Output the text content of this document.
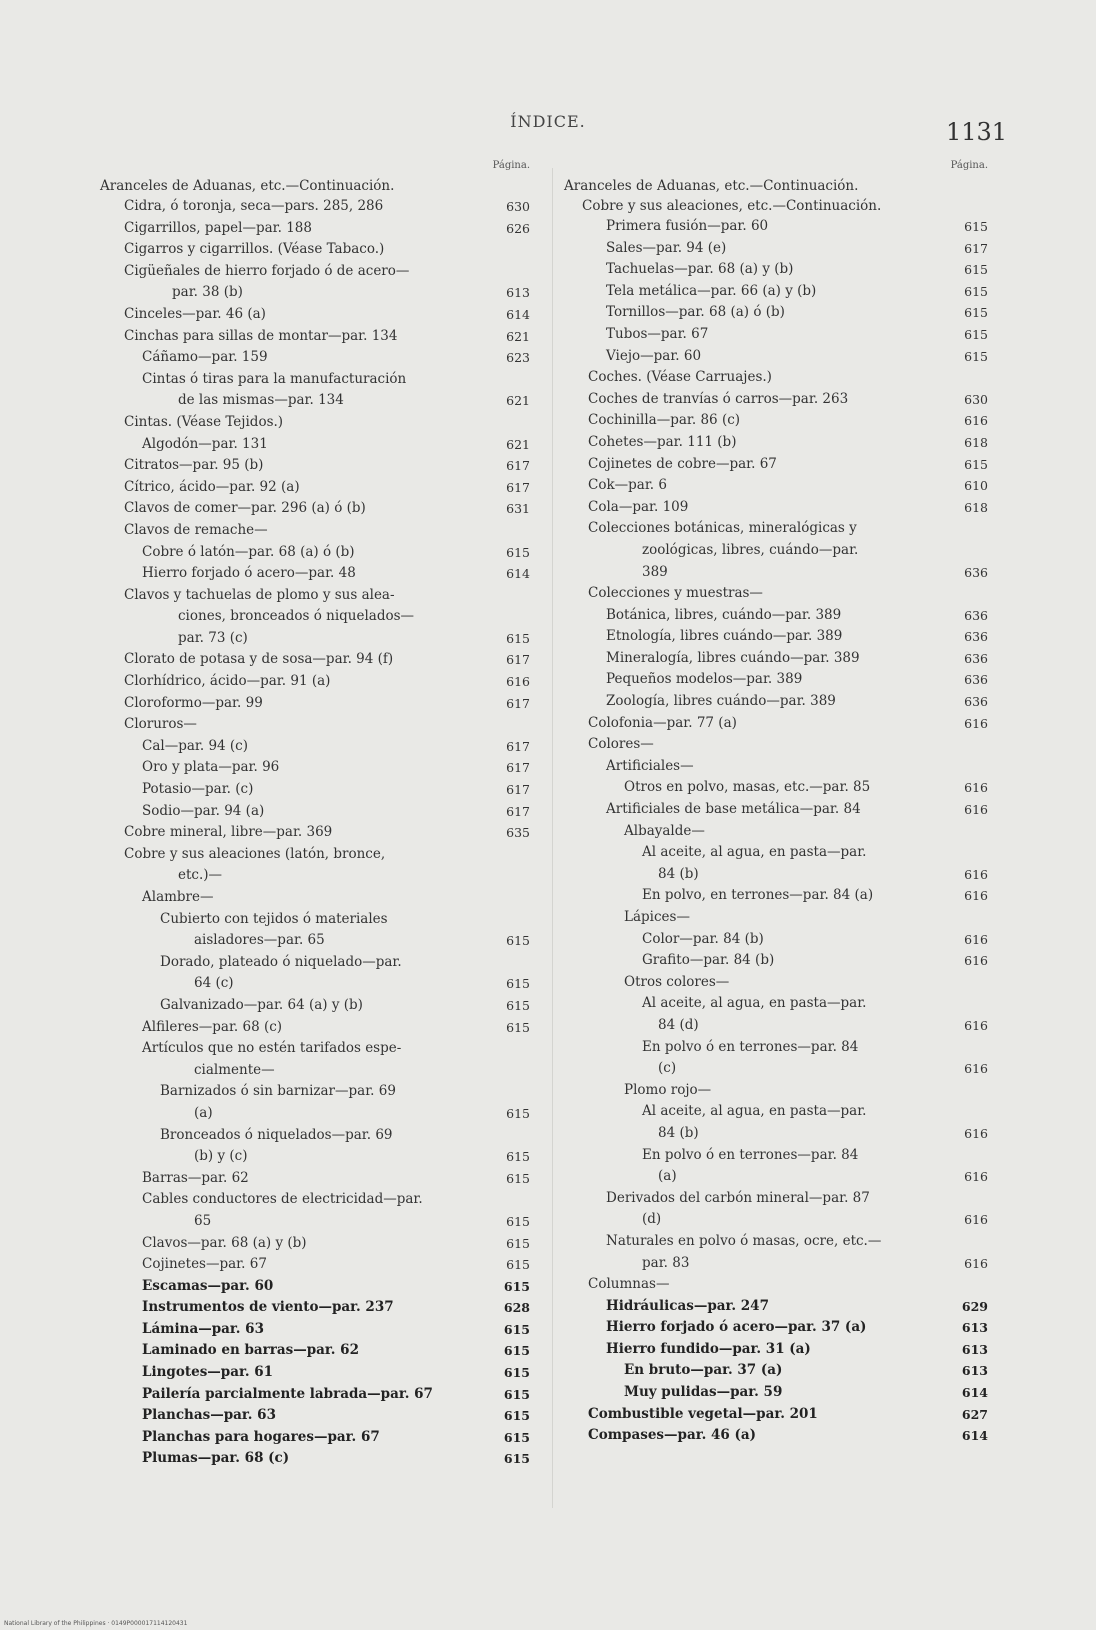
ÍNDICE.	1131
Página.
Aranceles de Aduanas, etc.—Continuación.
Cidra, ó toronja, seca—pars. 285, 286	630
Cigarrillos, papel—par. 188	626
Cigarros y cigarrillos. (Véase Tabaco.)
Cigüeñales de hierro forjado ó de acero—
par. 38 (b)	613
Cinceles—par. 46 (a)	614
Cinchas para sillas de montar—par. 134	621
Cáñamo—par. 159	623
Cintas ó tiras para la manufacturación
de las mismas—par. 134	621
Cintas. (Véase Tejidos.)
Algodón—par. 131	621
Citratos—par. 95 (b)	617
Cítrico, ácido—par. 92 (a)	617
Clavos de comer—par. 296 (a) ó (b)	631
Clavos de remache—
Cobre ó latón—par. 68 (a) ó (b)	615
Hierro forjado ó acero—par. 48	614
Clavos y tachuelas de plomo y sus alea-
ciones, bronceados ó niquelados—
par. 73 (c)	615
Clorato de potasa y de sosa—par. 94 (f)	617
Clorhídrico, ácido—par. 91 (a)	616
Cloroformo—par. 99	617
Cloruros—
Cal—par. 94 (c)	617
Oro y plata—par. 96	617
Potasio—par. (c)	617
Sodio—par. 94 (a)	617
Cobre mineral, libre—par. 369	635
Cobre y sus aleaciones (latón, bronce,
etc.)—
Alambre—
Cubierto con tejidos ó materiales
aisladores—par. 65	615
Dorado, plateado ó niquelado—par.
64 (c)	615
Galvanizado—par. 64 (a) y (b)	615
Alfileres—par. 68 (c)	615
Artículos que no estén tarifados espe-
cialmente—
Barnizados ó sin barnizar—par. 69
(a)	615
Bronceados ó niquelados—par. 69
(b) y (c)	615
Barras—par. 62	615
Cables conductores de electricidad—par.
65	615
Clavos—par. 68 (a) y (b)	615
Cojinetes—par. 67	615
Escamas—par. 60	615
Instrumentos de viento—par. 237	628
Lámina—par. 63	615
Laminado en barras—par. 62	615
Lingotes—par. 61	615
Pailería parcialmente labrada—par. 67	615
Planchas—par. 63	615
Planchas para hogares—par. 67	615
Plumas—par. 68 (c)	615
Página.
Aranceles de Aduanas, etc.—Continuación.
Cobre y sus aleaciones, etc.—Continuación.
Primera fusión—par. 60	615
Sales—par. 94 (e)	617
Tachuelas—par. 68 (a) y (b)	615
Tela metálica—par. 66 (a) y (b)	615
Tornillos—par. 68 (a) ó (b)	615
Tubos—par. 67	615
Viejo—par. 60	615
Coches. (Véase Carruajes.)
Coches de tranvías ó carros—par. 263	630
Cochinilla—par. 86 (c)	616
Cohetes—par. 111 (b)	618
Cojinetes de cobre—par. 67	615
Cok—par. 6	610
Cola—par. 109	618
Colecciones botánicas, mineralógicas y
zoológicas, libres, cuándo—par.
389	636
Colecciones y muestras—
Botánica, libres, cuándo—par. 389	636
Etnología, libres cuándo—par. 389	636
Mineralogía, libres cuándo—par. 389	636
Pequeños modelos—par. 389	636
Zoología, libres cuándo—par. 389	636
Colofonia—par. 77 (a)	616
Colores—
Artificiales—
Otros en polvo, masas, etc.—par. 85	616
Artificiales de base metálica—par. 84	616
Albayalde—
Al aceite, al agua, en pasta—par.
84 (b)	616
En polvo, en terrones—par. 84 (a)	616
Lápices—
Color—par. 84 (b)	616
Grafito—par. 84 (b)	616
Otros colores—
Al aceite, al agua, en pasta—par.
84 (d)	616
En polvo ó en terrones—par. 84
(c)	616
Plomo rojo—
Al aceite, al agua, en pasta—par.
84 (b)	616
En polvo ó en terrones—par. 84
(a)	616
Derivados del carbón mineral—par. 87
(d)	616
Naturales en polvo ó masas, ocre, etc.—
par. 83	616
Columnas—
Hidráulicas—par. 247	629
Hierro forjado ó acero—par. 37 (a)	613
Hierro fundido—par. 31 (a)	613
En bruto—par. 37 (a)	613
Muy pulidas—par. 59	614
Combustible vegetal—par. 201	627
Compases—par. 46 (a)	614
National Library of the Philippines · 0149P000017114120431
